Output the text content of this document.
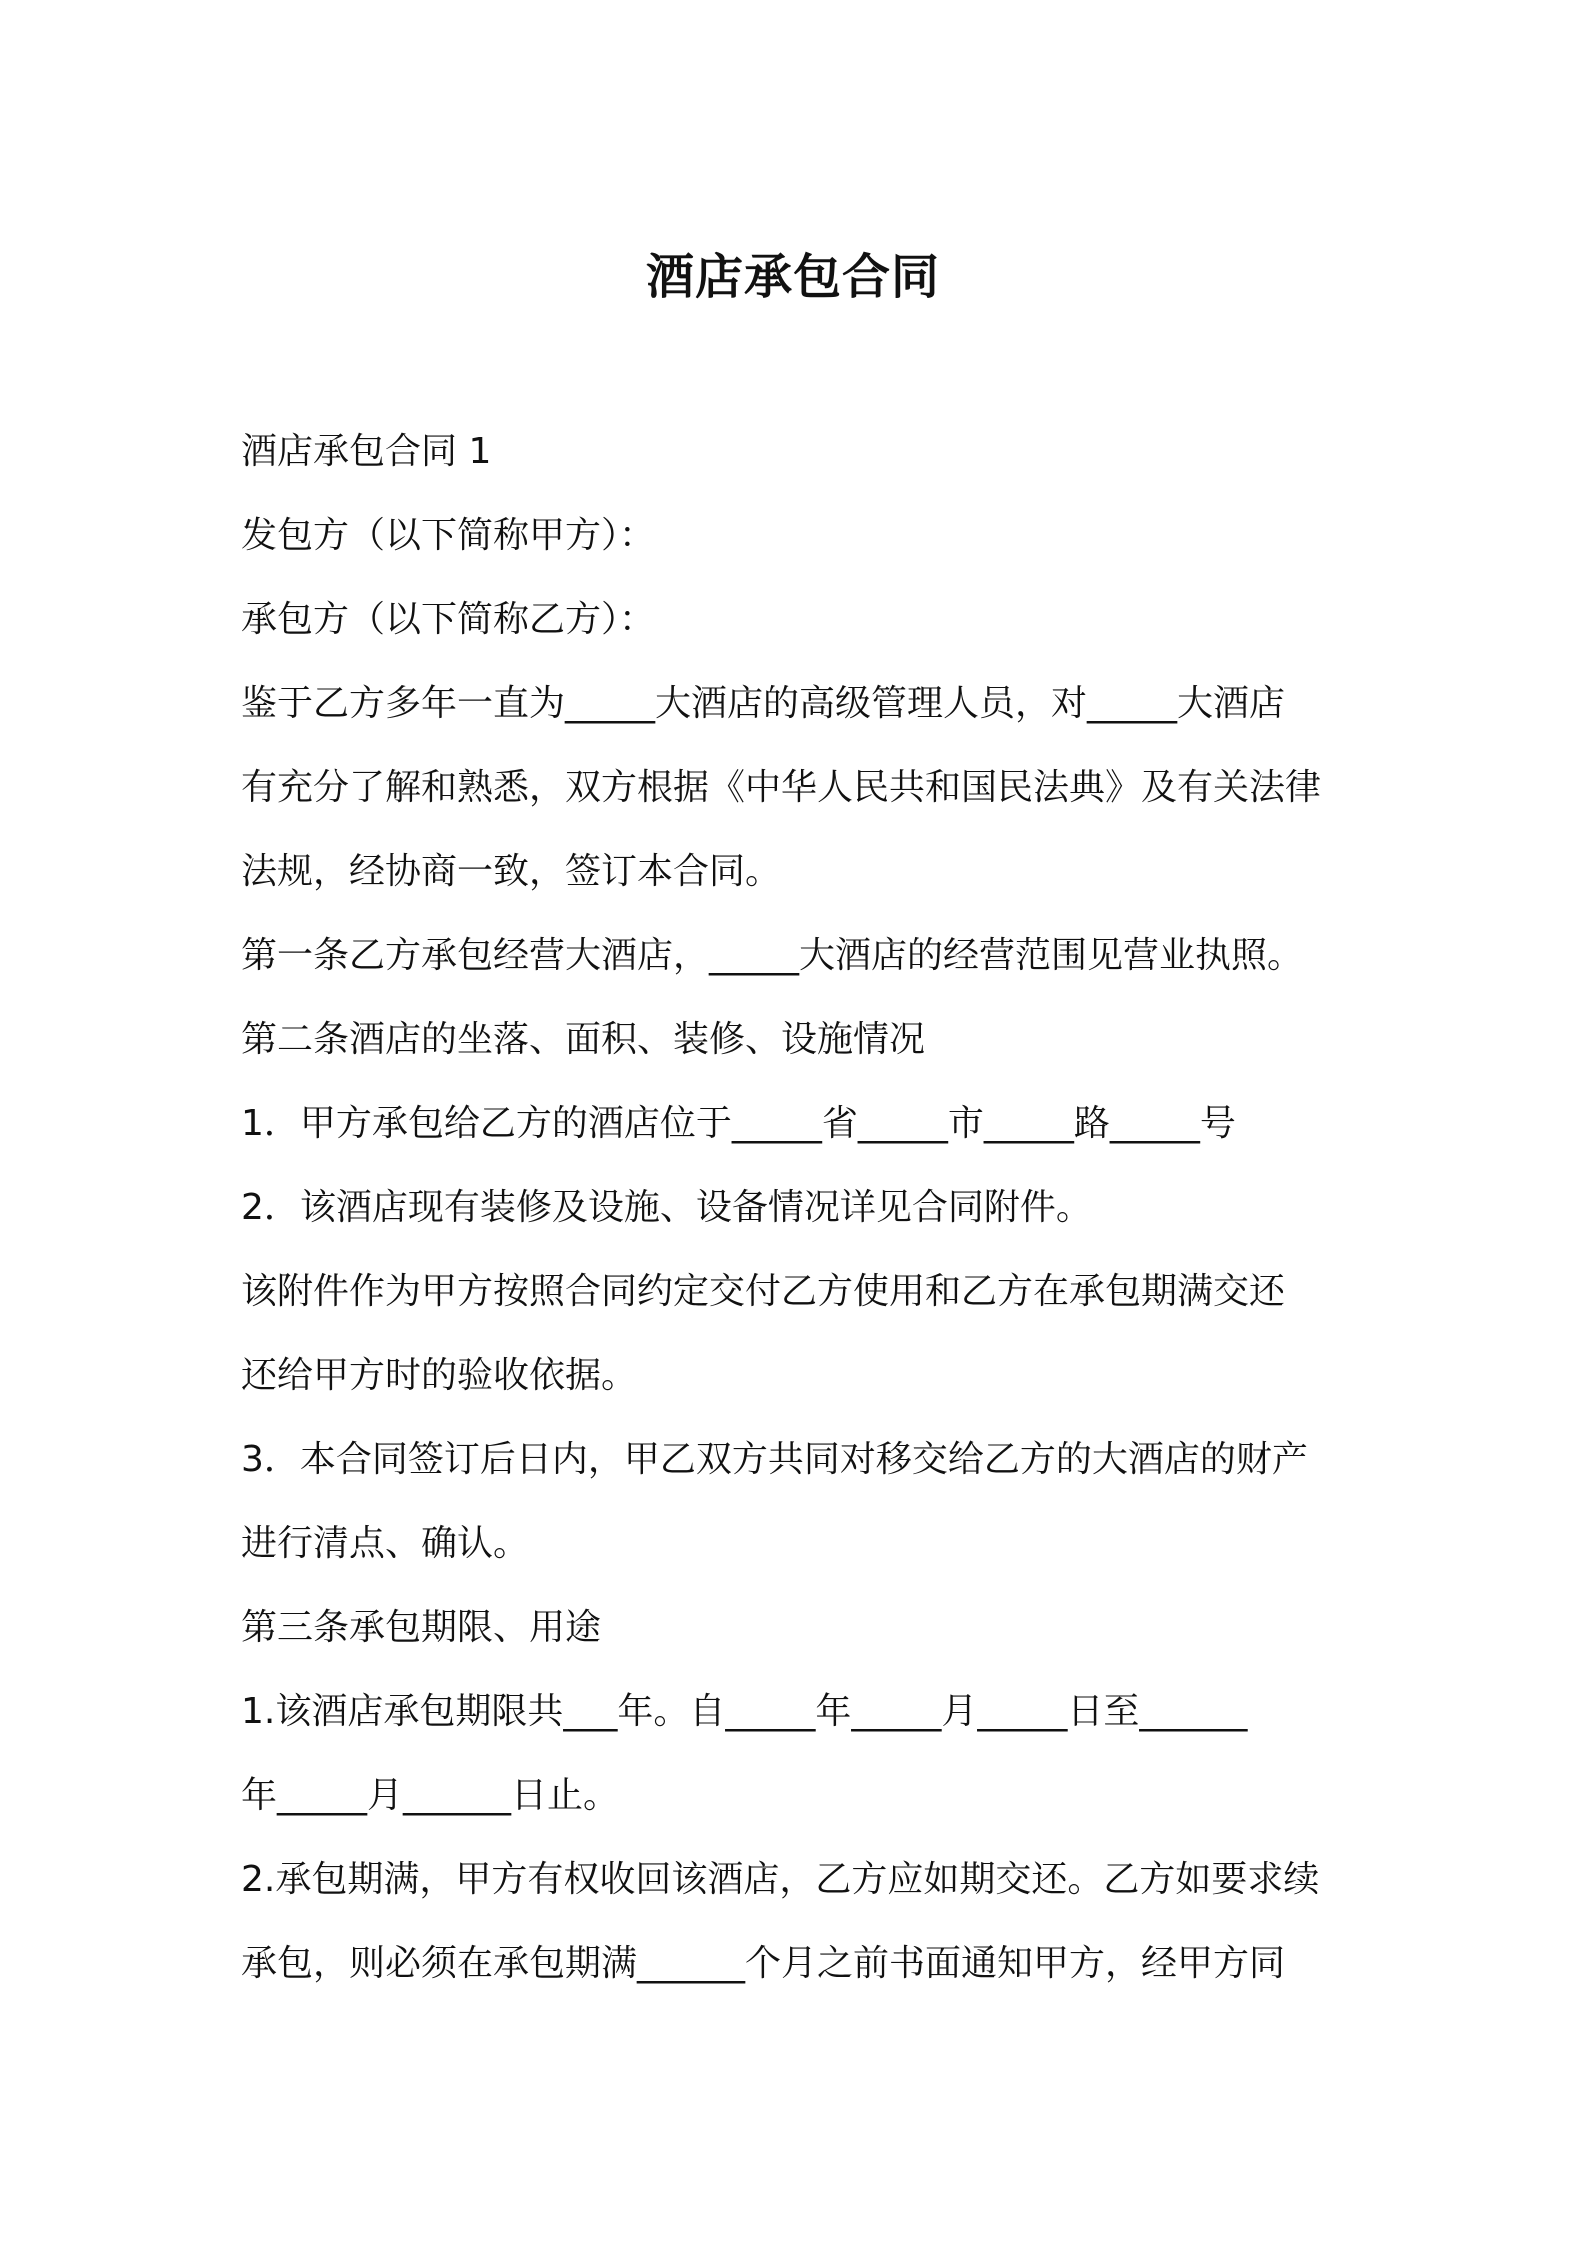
酒店承包合同

酒店承包合同 1

发包方（以下简称甲方）：

承包方（以下简称乙方）：

鉴于乙方多年一直为_____大酒店的高级管理人员，对_____大酒店

有充分了解和熟悉，双方根据《中华人民共和国民法典》及有关法律

法规，经协商一致，签订本合同。

第一条乙方承包经营大酒店，_____大酒店的经营范围见营业执照。

第二条酒店的坐落、面积、装修、设施情况

1．甲方承包给乙方的酒店位于_____省_____市_____路_____号

2．该酒店现有装修及设施、设备情况详见合同附件。

该附件作为甲方按照合同约定交付乙方使用和乙方在承包期满交还

还给甲方时的验收依据。

3．本合同签订后日内，甲乙双方共同对移交给乙方的大酒店的财产

进行清点、确认。

第三条承包期限、用途

1.该酒店承包期限共___年。自_____年_____月_____日至______

年_____月______日止。

2.承包期满，甲方有权收回该酒店，乙方应如期交还。乙方如要求续

承包，则必须在承包期满______个月之前书面通知甲方，经甲方同
